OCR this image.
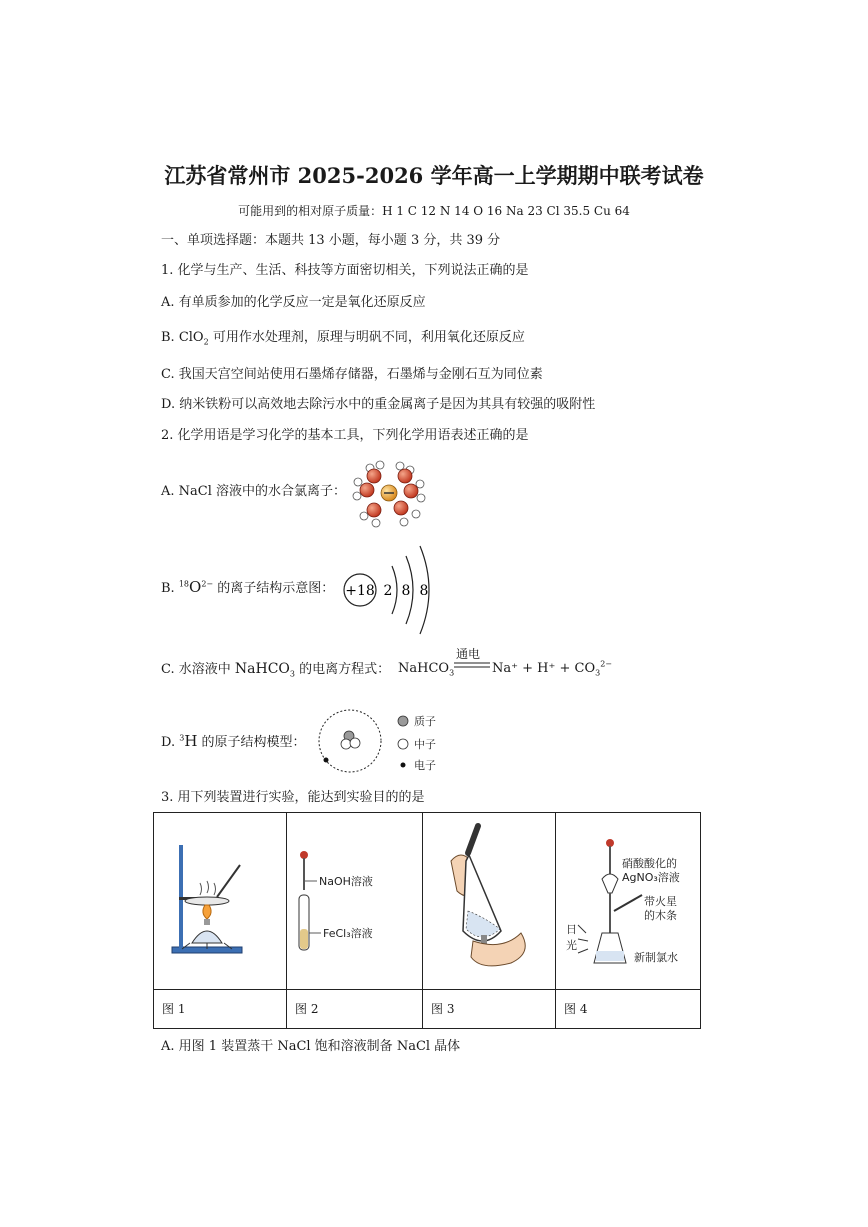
江苏省常州市 2025-2026 学年高一上学期期中联考试卷
可能用到的相对原子质量：H 1 C 12 N 14 O 16 Na 23 Cl 35.5 Cu 64
一、单项选择题：本题共 13 小题，每小题 3 分，共 39 分
1. 化学与生产、生活、科技等方面密切相关，下列说法正确的是
A. 有单质参加的化学反应一定是氧化还原反应
B. ClO$_2$ 可用作水处理剂，原理与明矾不同，利用氧化还原反应
C. 我国天宫空间站使用石墨烯存储器，石墨烯与金刚石互为同位素
D. 纳米铁粉可以高效地去除污水中的重金属离子是因为其具有较强的吸附性
2. 化学用语是学习化学的基本工具，下列化学用语表述正确的是
A. NaCl 溶液中的水合氯离子：
B. $^{18}O^{2-}$ 的离子结构示意图： +18 2 8 8
C. 水溶液中 NaHCO$_3$ 的电离方程式： NaHCO$_3$
通电
$Na^+ + H^+ + CO_3^{2-}$
D. $^3$H 的原子结构模型：
质子
中子
电子
3. 用下列装置进行实验，能达到实验目的的是
NaOH溶液
FeCl₃溶液
硝酸酸化的
AgNO₃溶液
带火星
的木条
日
光
新制氯水
图 1	图 2	图 3	图 4
A. 用图 1 装置蒸干 NaCl 饱和溶液制备 NaCl 晶体
